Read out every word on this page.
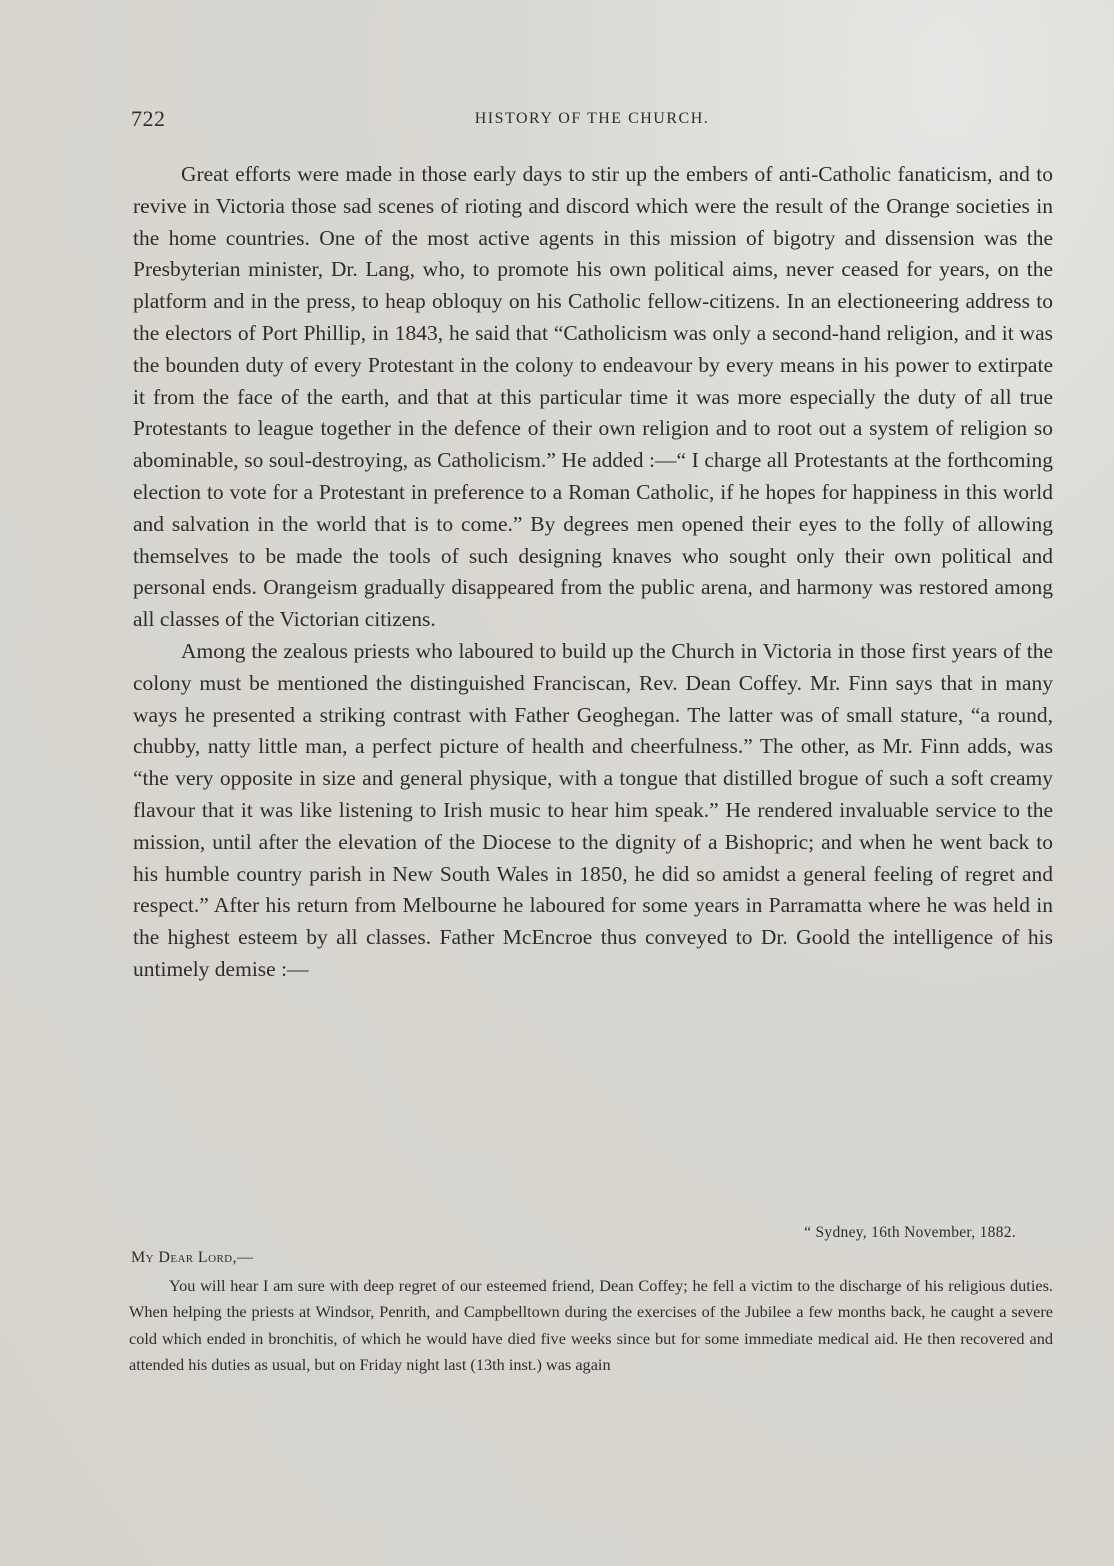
722	HISTORY OF THE CHURCH.

Great efforts were made in those early days to stir up the embers of anti-Catholic fanaticism, and to revive in Victoria those sad scenes of rioting and discord which were the result of the Orange societies in the home countries. One of the most active agents in this mission of bigotry and dissension was the Presbyterian minister, Dr. Lang, who, to promote his own political aims, never ceased for years, on the platform and in the press, to heap obloquy on his Catholic fellow-citizens. In an electioneering address to the electors of Port Phillip, in 1843, he said that “Catholicism was only a second-hand religion, and it was the bounden duty of every Protestant in the colony to endeavour by every means in his power to extirpate it from the face of the earth, and that at this particular time it was more especially the duty of all true Protestants to league together in the defence of their own religion and to root out a system of religion so abominable, so soul-destroying, as Catholicism.” He added :—“ I charge all Protestants at the forthcoming election to vote for a Protestant in preference to a Roman Catholic, if he hopes for happiness in this world and salvation in the world that is to come.” By degrees men opened their eyes to the folly of allowing themselves to be made the tools of such designing knaves who sought only their own political and personal ends. Orangeism gradually disappeared from the public arena, and harmony was restored among all classes of the Victorian citizens.

Among the zealous priests who laboured to build up the Church in Victoria in those first years of the colony must be mentioned the distinguished Franciscan, Rev. Dean Coffey. Mr. Finn says that in many ways he presented a striking contrast with Father Geoghegan. The latter was of small stature, “a round, chubby, natty little man, a perfect picture of health and cheerfulness.” The other, as Mr. Finn adds, was “the very opposite in size and general physique, with a tongue that distilled brogue of such a soft creamy flavour that it was like listening to Irish music to hear him speak.” He rendered invaluable service to the mission, until after the elevation of the Diocese to the dignity of a Bishopric; and when he went back to his humble country parish in New South Wales in 1850, he did so amidst a general feeling of regret and respect.” After his return from Melbourne he laboured for some years in Parramatta where he was held in the highest esteem by all classes. Father McEncroe thus conveyed to Dr. Goold the intelligence of his untimely demise :—

“ Sydney, 16th November, 1882.
My Dear Lord,—

You will hear I am sure with deep regret of our esteemed friend, Dean Coffey; he fell a victim to the discharge of his religious duties. When helping the priests at Windsor, Penrith, and Campbelltown during the exercises of the Jubilee a few months back, he caught a severe cold which ended in bronchitis, of which he would have died five weeks since but for some immediate medical aid. He then recovered and attended his duties as usual, but on Friday night last (13th inst.) was again
